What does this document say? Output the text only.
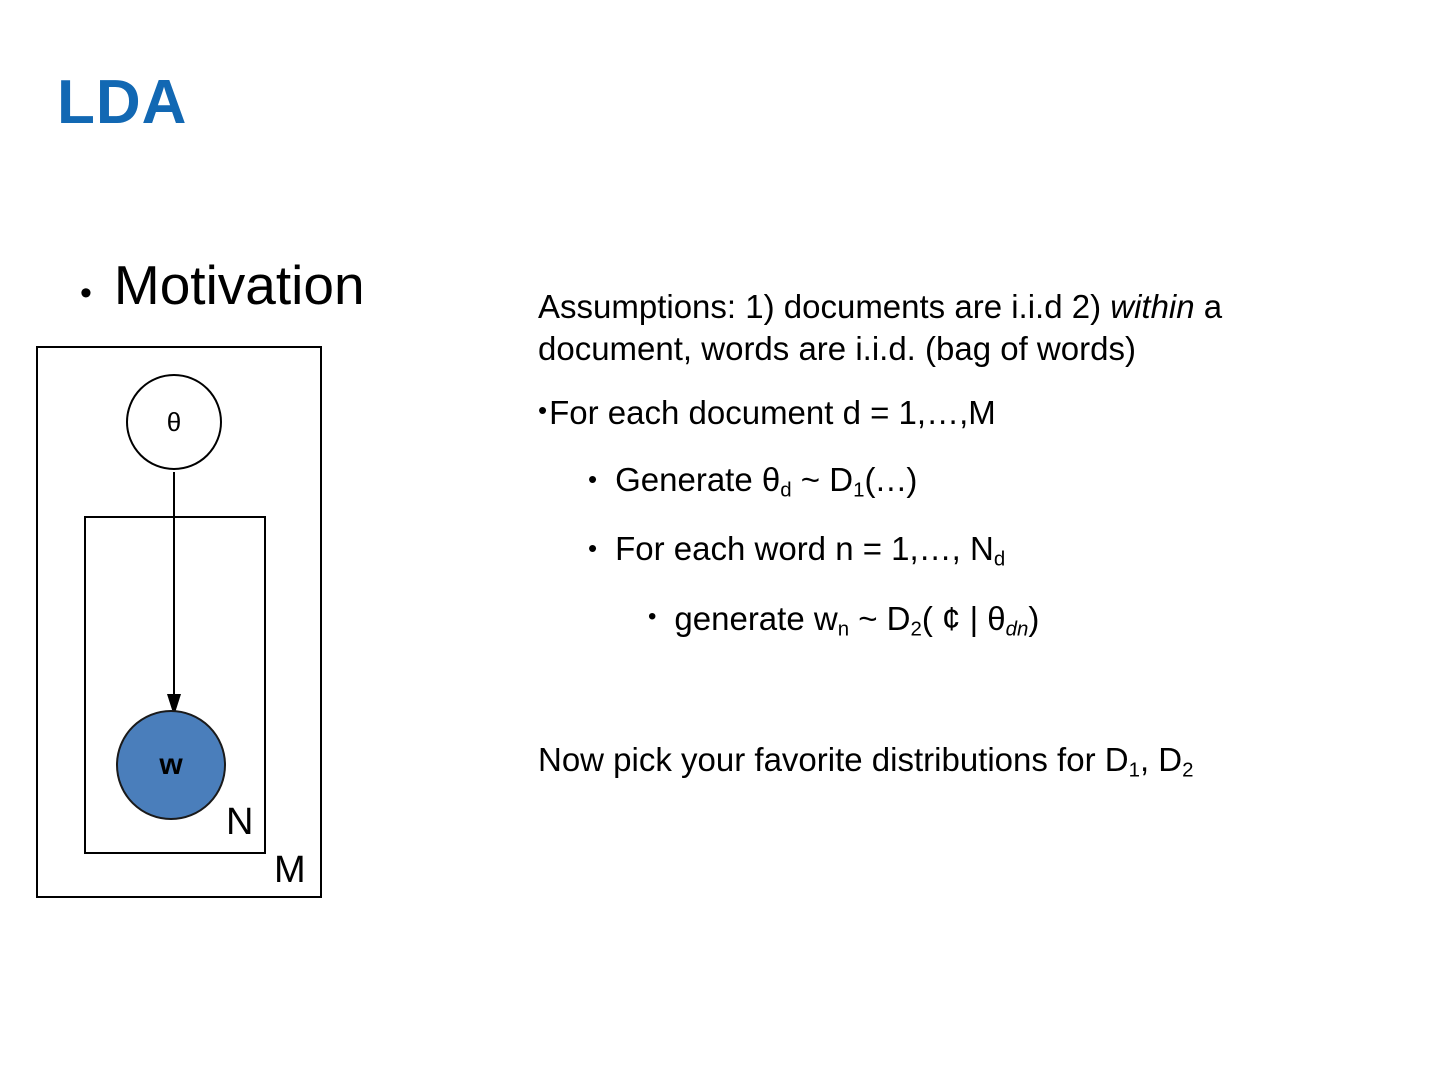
LDA
• Motivation
θ
w
N
M

Assumptions: 1) documents are i.i.d 2) within a document, words are i.i.d. (bag of words)

• For each document d = 1,…,M
• Generate $\theta_d$ ~ $D_1(\dots)$
• For each word n = 1,…, $N_d$
• generate $w_n$ ~ $D_2$( ¢ | $\theta_{dn}$)
Now pick your favorite distributions for $D_1$, $D_2$
